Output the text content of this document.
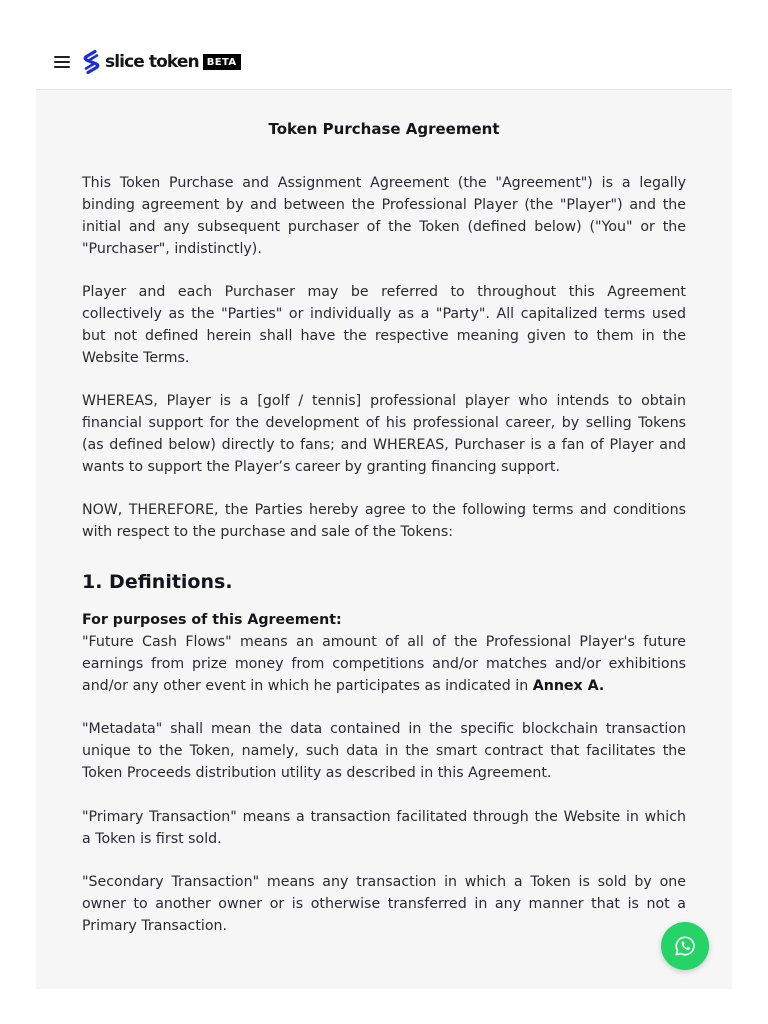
slice token BETA
Token Purchase Agreement

This Token Purchase and Assignment Agreement (the "Agreement") is a legally binding agreement by and between the Professional Player (the "Player") and the initial and any subsequent purchaser of the Token (defined below) ("You" or the "Purchaser", indistinctly).

Player and each Purchaser may be referred to throughout this Agreement collectively as the "Parties" or individually as a "Party". All capitalized terms used but not defined herein shall have the respective meaning given to them in the Website Terms.

WHEREAS, Player is a [golf / tennis] professional player who intends to obtain financial support for the development of his professional career, by selling Tokens (as defined below) directly to fans; and WHEREAS, Purchaser is a fan of Player and wants to support the Player’s career by granting financing support.

NOW, THEREFORE, the Parties hereby agree to the following terms and conditions with respect to the purchase and sale of the Tokens:

1. Definitions.

For purposes of this Agreement:

"Future Cash Flows" means an amount of all of the Professional Player's future earnings from prize money from competitions and/or matches and/or exhibitions and/or any other event in which he participates as indicated in Annex A.

"Metadata" shall mean the data contained in the specific blockchain transaction unique to the Token, namely, such data in the smart contract that facilitates the Token Proceeds distribution utility as described in this Agreement.

"Primary Transaction" means a transaction facilitated through the Website in which a Token is first sold.

"Secondary Transaction" means any transaction in which a Token is sold by one owner to another owner or is otherwise transferred in any manner that is not a Primary Transaction.
